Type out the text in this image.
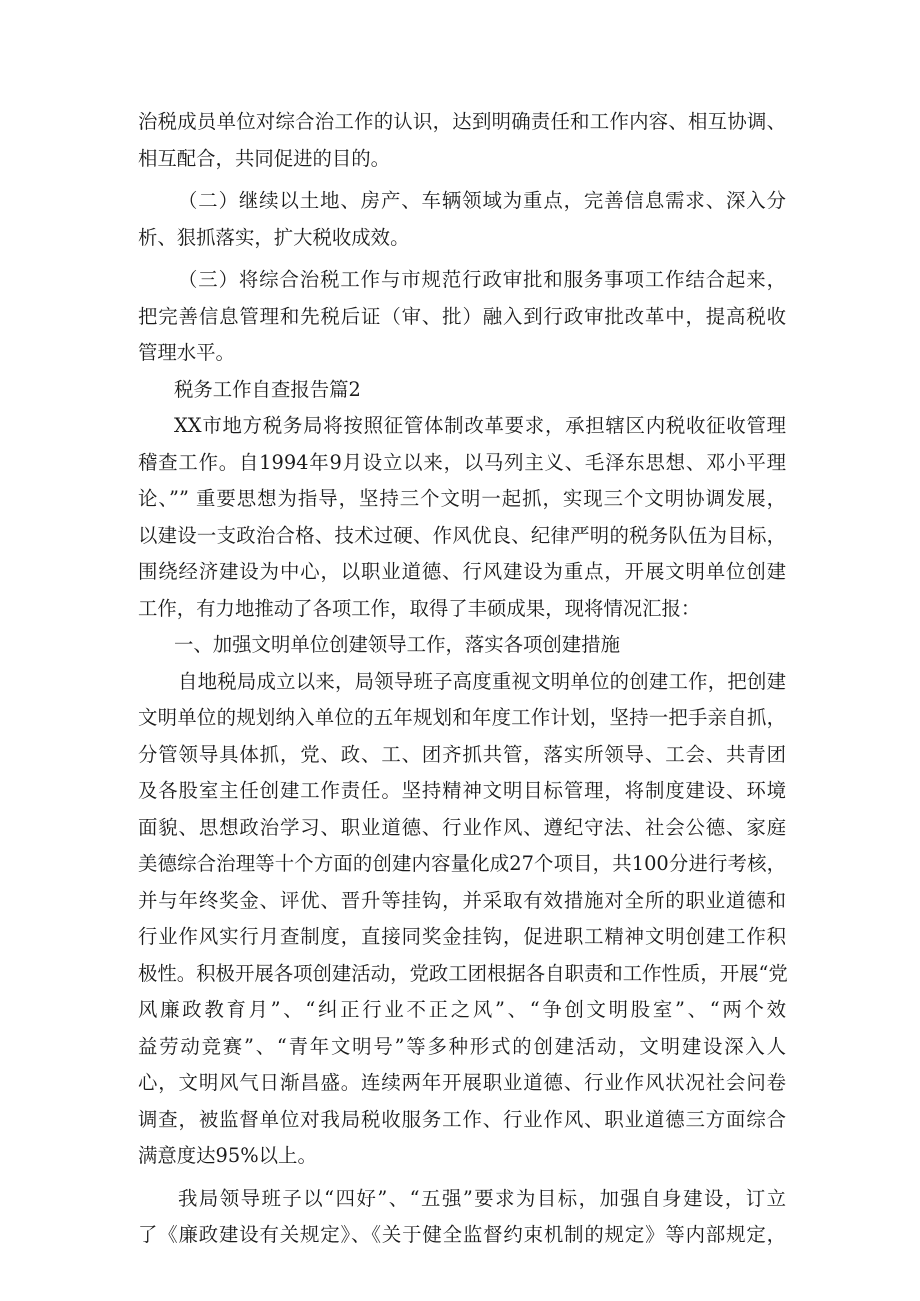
治税成员单位对综合治工作的认识，达到明确责任和工作内容、相互协调、
相互配合，共同促进的目的。
（二）继续以土地、房产、车辆领域为重点，完善信息需求、深入分
析、狠抓落实，扩大税收成效。
（三）将综合治税工作与市规范行政审批和服务事项工作结合起来，
把完善信息管理和先税后证（审、批）融入到行政审批改革中，提高税收
管理水平。
税务工作自查报告篇2
XX市地方税务局将按照征管体制改革要求，承担辖区内税收征收管理
稽查工作。自1994年9月设立以来，以马列主义、毛泽东思想、邓小平理
论、”” 重要思想为指导，坚持三个文明一起抓，实现三个文明协调发展，
以建设一支政治合格、技术过硬、作风优良、纪律严明的税务队伍为目标，
围绕经济建设为中心，以职业道德、行风建设为重点，开展文明单位创建
工作，有力地推动了各项工作，取得了丰硕成果，现将情况汇报：
一、加强文明单位创建领导工作，落实各项创建措施
自地税局成立以来，局领导班子高度重视文明单位的创建工作，把创建
文明单位的规划纳入单位的五年规划和年度工作计划，坚持一把手亲自抓，
分管领导具体抓，党、政、工、团齐抓共管，落实所领导、工会、共青团
及各股室主任创建工作责任。坚持精神文明目标管理，将制度建设、环境
面貌、思想政治学习、职业道德、行业作风、遵纪守法、社会公德、家庭
美德综合治理等十个方面的创建内容量化成27个项目，共100分进行考核，
并与年终奖金、评优、晋升等挂钩，并采取有效措施对全所的职业道德和
行业作风实行月查制度，直接同奖金挂钩，促进职工精神文明创建工作积
极性。积极开展各项创建活动，党政工团根据各自职责和工作性质，开展“党
风廉政教育月”、“纠正行业不正之风”、“争创文明股室”、“两个效
益劳动竞赛”、“青年文明号”等多种形式的创建活动，文明建设深入人
心，文明风气日渐昌盛。连续两年开展职业道德、行业作风状况社会问卷
调查，被监督单位对我局税收服务工作、行业作风、职业道德三方面综合
满意度达95%以上。
我局领导班子以“四好”、“五强”要求为目标，加强自身建设，订立
了《廉政建设有关规定》、《关于健全监督约束机制的规定》等内部规定，
